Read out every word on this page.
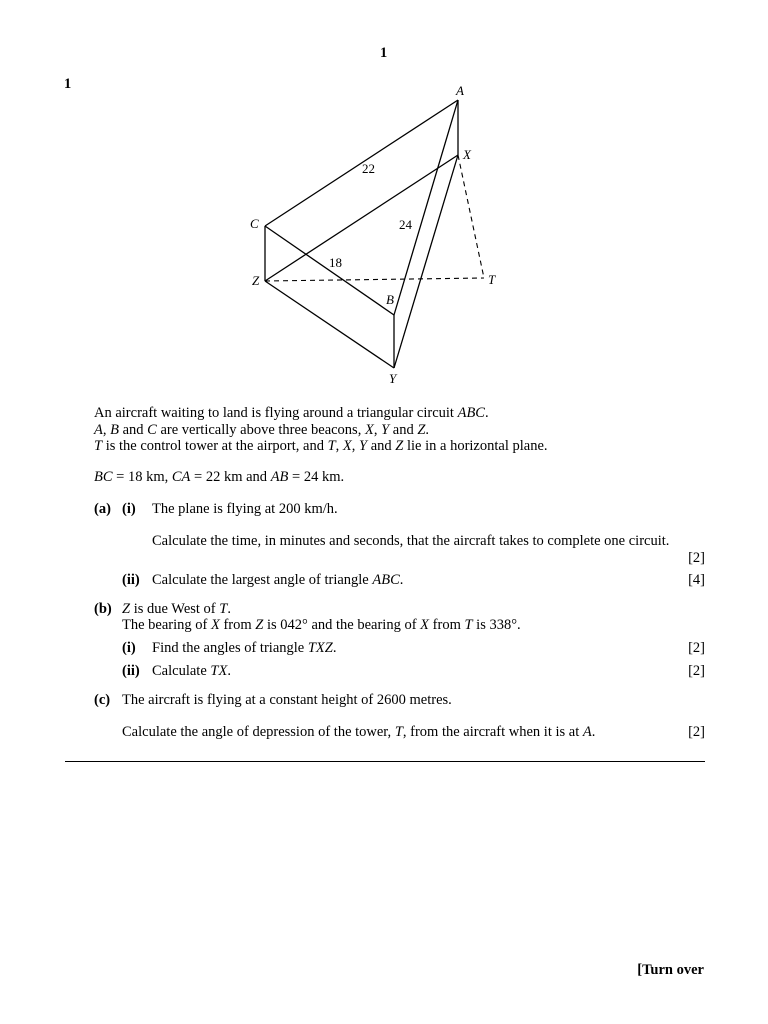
1
1	A
X
C
Z	T
B
Y
22
24
18
An aircraft waiting to land is flying around a triangular circuit ABC.
A, B and C are vertically above three beacons, X, Y and Z.
T is the control tower at the airport, and T, X, Y and Z lie in a horizontal plane.
BC = 18 km, CA = 22 km and AB = 24 km.
(a) (i) The plane is flying at 200 km/h.
Calculate the time, in minutes and seconds, that the aircraft takes to complete one circuit.
[2]
(ii) Calculate the largest angle of triangle ABC.	[4]
(b) Z is due West of T.
The bearing of X from Z is 042° and the bearing of X from T is 338°.
(i) Find the angles of triangle TXZ.	[2]
(ii) Calculate TX.	[2]
(c) The aircraft is flying at a constant height of 2600 metres.
Calculate the angle of depression of the tower, T, from the aircraft when it is at A.	[2]
[Turn over
